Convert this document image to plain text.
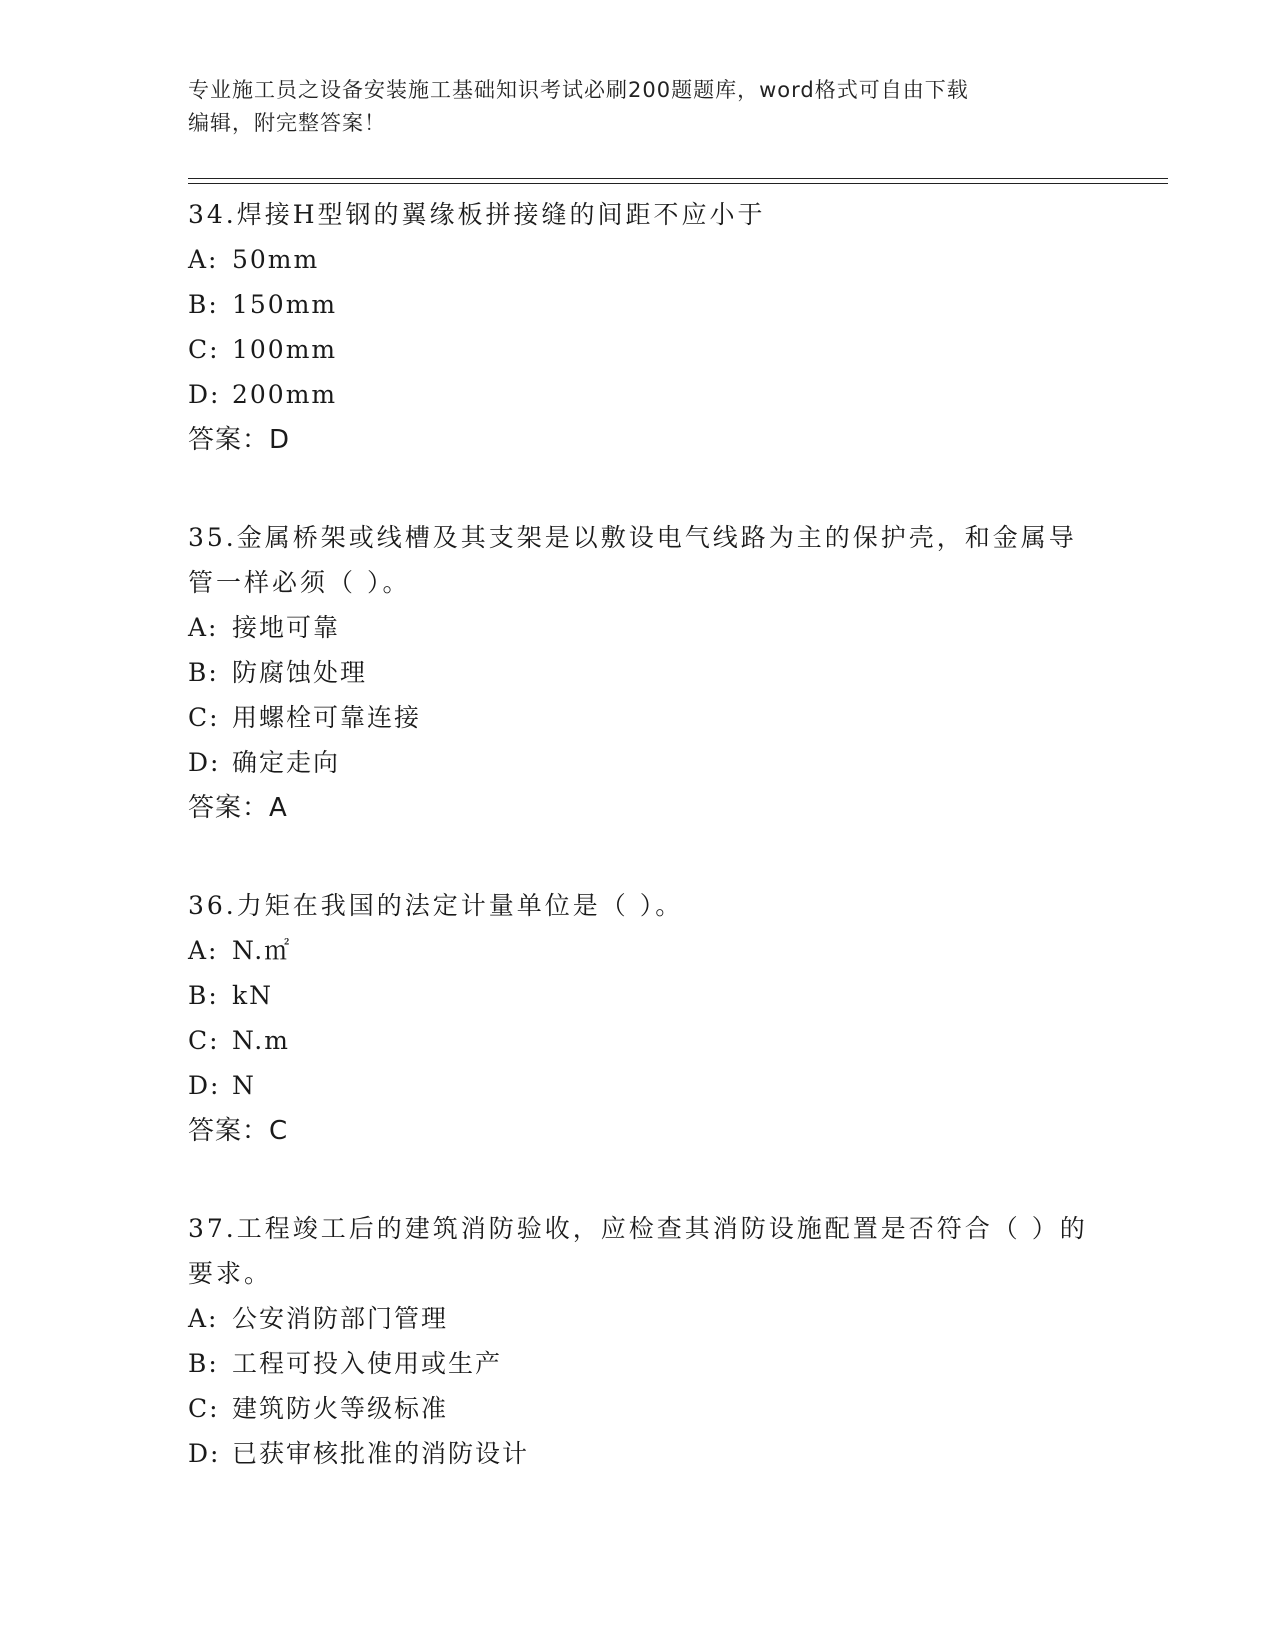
专业施工员之设备安装施工基础知识考试必刷200题题库，word格式可自由下载
编辑，附完整答案！

34.焊接H型钢的翼缘板拼接缝的间距不应小于

A: 50mm

B: 150mm

C: 100mm

D: 200mm

答案：D

35.金属桥架或线槽及其支架是以敷设电气线路为主的保护壳，和金属导管一样必须（ ）。

A: 接地可靠

B: 防腐蚀处理

C: 用螺栓可靠连接

D: 确定走向

答案：A

36.力矩在我国的法定计量单位是（ ）。

A: N.㎡

B: kN

C: N.m

D: N

答案：C

37.工程竣工后的建筑消防验收，应检查其消防设施配置是否符合（ ）的要求。

A: 公安消防部门管理

B: 工程可投入使用或生产

C: 建筑防火等级标准

D: 已获审核批准的消防设计
